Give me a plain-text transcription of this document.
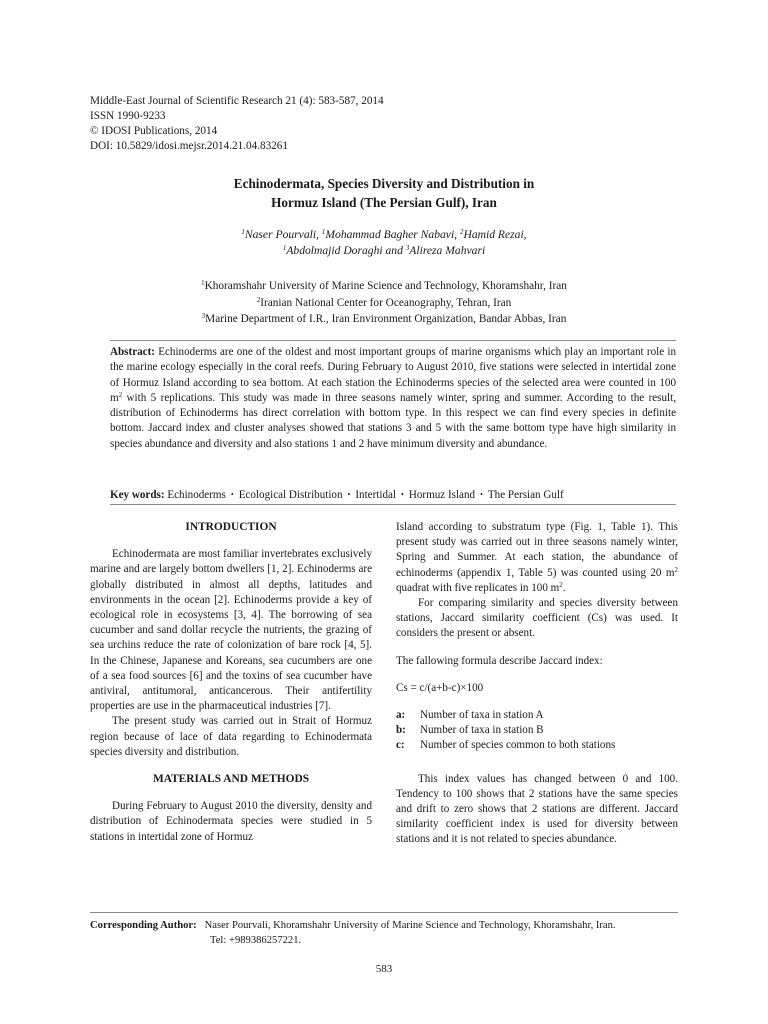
Middle-East Journal of Scientific Research 21 (4): 583-587, 2014
ISSN 1990-9233
© IDOSI Publications, 2014
DOI: 10.5829/idosi.mejsr.2014.21.04.83261
Echinodermata, Species Diversity and Distribution in
Hormuz Island (The Persian Gulf), Iran
$^1$Naser Pourvali, $^1$Mohammad Bagher Nabavi, $^2$Hamid Rezai,
$^1$Abdolmajid Doraghi and $^3$Alireza Mahvari
$^1$Khoramshahr University of Marine Science and Technology, Khoramshahr, Iran
$^2$Iranian National Center for Oceanography, Tehran, Iran
$^3$Marine Department of I.R., Iran Environment Organization, Bandar Abbas, Iran
Abstract: Echinoderms are one of the oldest and most important groups of marine organisms which play an important role in the marine ecology especially in the coral reefs. During February to August 2010, five stations were selected in intertidal zone of Hormuz Island according to sea bottom. At each station the Echinoderms species of the selected area were counted in 100 $m^2$ with 5 replications. This study was made in three seasons namely winter, spring and summer. According to the result, distribution of Echinoderms has direct correlation with bottom type. In this respect we can find every species in definite bottom. Jaccard index and cluster analyses showed that stations 3 and 5 with the same bottom type have high similarity in species abundance and diversity and also stations 1 and 2 have minimum diversity and abundance.
Key words: Echinoderms • Ecological Distribution • Intertidal • Hormuz Island • The Persian Gulf
INTRODUCTION

Echinodermata are most familiar invertebrates exclusively marine and are largely bottom dwellers [1, 2]. Echinoderms are globally distributed in almost all depths, latitudes and environments in the ocean [2]. Echinoderms provide a key of ecological role in ecosystems [3, 4]. The borrowing of sea cucumber and sand dollar recycle the nutrients, the grazing of sea urchins reduce the rate of colonization of bare rock [4, 5]. In the Chinese, Japanese and Koreans, sea cucumbers are one of a sea food sources [6] and the toxins of sea cucumber have antiviral, antitumoral, anticancerous. Their antifertility properties are use in the pharmaceutical industries [7].

The present study was carried out in Strait of Hormuz region because of lace of data regarding to Echinodermata species diversity and distribution.

MATERIALS AND METHODS

During February to August 2010 the diversity, density and distribution of Echinodermata species were studied in 5 stations in intertidal zone of Hormuz

Island according to substratum type (Fig. 1, Table 1). This present study was carried out in three seasons namely winter, Spring and Summer. At each station, the abundance of echinoderms (appendix 1, Table 5) was counted using 20 $m^2$ quadrat with five replicates in 100 $m^2$.

For comparing similarity and species diversity between stations, Jaccard similarity coefficient (Cs) was used. It considers the present or absent.

The fallowing formula describe Jaccard index:

Cs = c/(a+b-c)×100

a:	Number of taxa in station A
b:	Number of taxa in station B
c:	Number of species common to both stations

This index values has changed between 0 and 100. Tendency to 100 shows that 2 stations have the same species and drift to zero shows that 2 stations are different. Jaccard similarity coefficient index is used for diversity between stations and it is not related to species abundance.

Corresponding Author: Naser Pourvali, Khoramshahr University of Marine Science and Technology, Khoramshahr, Iran.
Tel: +989386257221.
583
